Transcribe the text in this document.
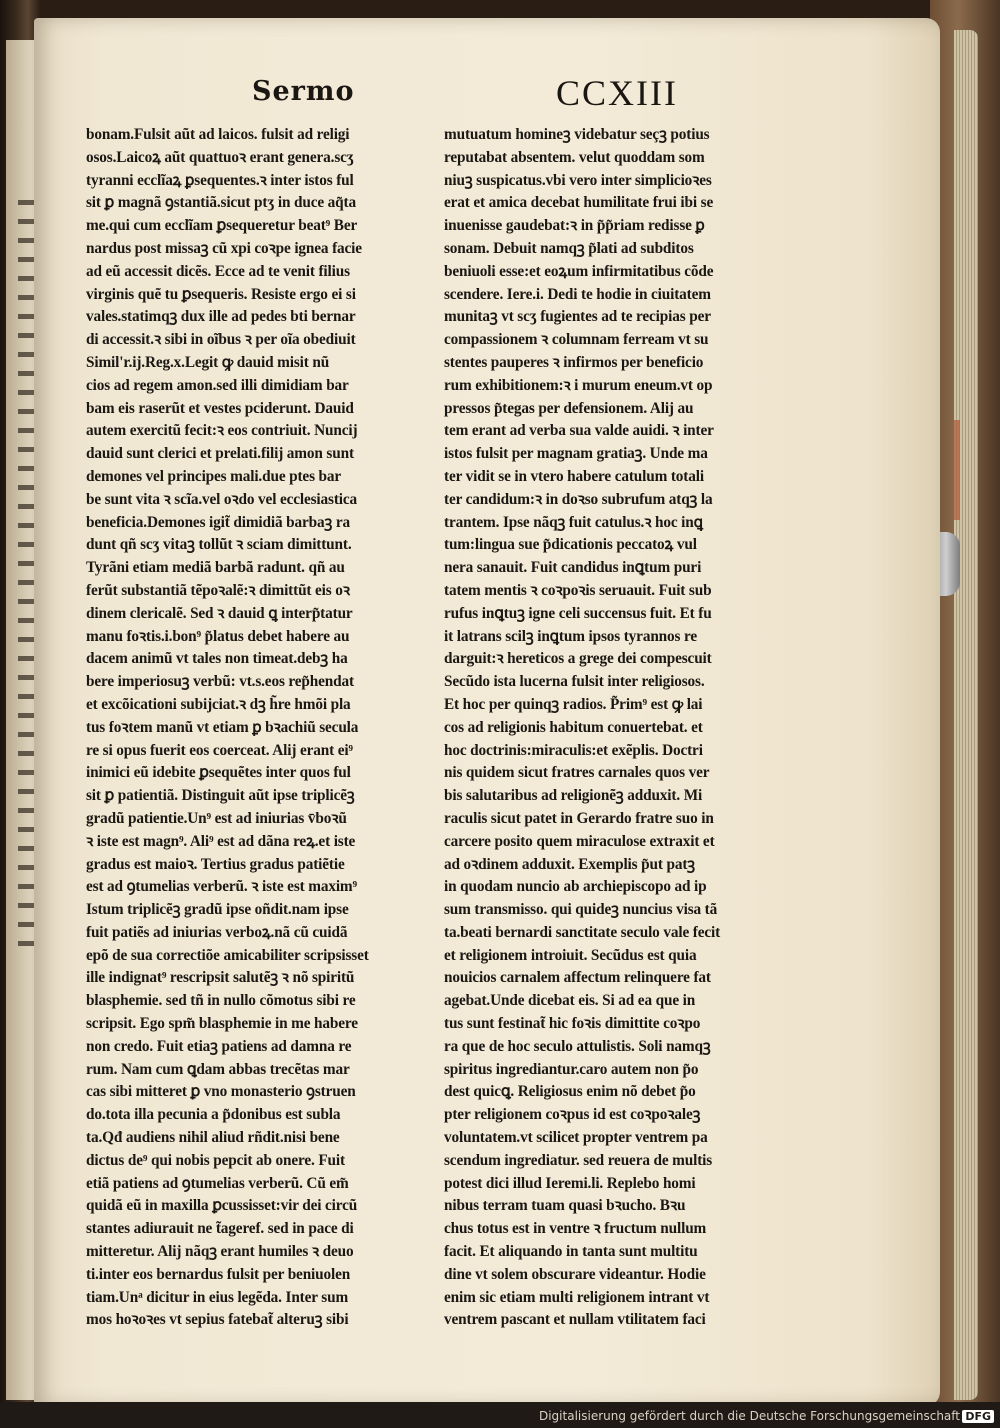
Sermo	CCXIII
bonam.Fulsit aũt ad laicos. fulsit ad religi
osos.Laicoꝝ aũt quattuoꝛ erant genera.scʒ
tyranni ecclĩaꝝ ꝑsequentes.ꝛ inter istos ful
sit ꝑ magnã ꝯstantiã.sicut ptʒ in duce aq̃ta
me.qui cum ecclĩam ꝑsequeretur beat⁹ Ber
nardus post missaꝫ cũ xpi coꝛpe ignea facie
ad eũ accessit dicẽs. Ecce ad te venit filius
virginis quẽ tu ꝑsequeris. Resiste ergo ei si
vales.statimqꝫ dux ille ad pedes bti bernar
di accessit.ꝛ sibi in oĩbus ꝛ per oĩa obediuit
Simil'r.ij.Reg.x.Legit ꝙ dauid misit nũ
cios ad regem amon.sed illi dimidiam bar
bam eis raserũt et vestes pciderunt. Dauid
autem exercitũ fecit:ꝛ eos contriuit. Nuncij
dauid sunt clerici et prelati.filij amon sunt
demones vel principes mali.due ptes bar
be sunt vita ꝛ scĩa.vel oꝛdo vel ecclesiastica
beneficia.Demones igit̃ dimidiã barbaꝫ ra
dunt qñ scʒ vitaꝫ tollũt ꝛ sciam dimittunt.
Tyrãni etiam mediã barbã radunt. qñ au
ferũt substantiã tẽpoꝛalẽ:ꝛ dimittũt eis oꝛ
dinem clericalẽ. Sed ꝛ dauid ꝗ interp̃tatur
manu foꝛtis.i.bon⁹ p̃latus debet habere au
dacem animũ vt tales non timeat.debꝫ ha
bere imperiosuꝫ verbũ: vt.s.eos rep̃hendat
et excõicationi subijciat.ꝛ dꝫ h̃re hmõi pla
tus foꝛtem manũ vt etiam ꝑ bꝛachiũ secula
re si opus fuerit eos coerceat. Alij erant ei⁹
inimici eũ idebite ꝑsequẽtes inter quos ful
sit ꝑ patientiã. Distinguit aũt ipse triplicẽꝫ
gradũ patientie.Un⁹ est ad iniurias v̄boꝛũ
ꝛ iste est magn⁹. Ali⁹ est ad dãna reꝝ.et iste
gradus est maioꝛ. Tertius gradus patiẽtie
est ad ꝯtumelias verberũ. ꝛ iste est maxim⁹
Istum triplicẽꝫ gradũ ipse oñdit.nam ipse
fuit patiẽs ad iniurias verboꝝ.nã cũ cuidã
epõ de sua correctiõe amicabiliter scripsisset
ille indignat⁹ rescripsit salutẽꝫ ꝛ nõ spiritũ
blasphemie. sed tñ in nullo cõmotus sibi re
scripsit. Ego spm̃ blasphemie in me habere
non credo. Fuit etiaꝫ patiens ad damna re
rum. Nam cum ꝗdam abbas trecẽtas mar
cas sibi mitteret ꝑ vno monasterio ꝯstruen
do.tota illa pecunia a p̃donibus est subla
ta.Qđ audiens nihil aliud rñdit.nisi bene
dictus de⁹ qui nobis pepcit ab onere. Fuit
etiã patiens ad ꝯtumelias verberũ. Cũ em̃
quidã eũ in maxilla ꝑcussisset:vir dei circũ
stantes adiurauit ne t̃ageref. sed in pace di
mitteretur. Alij nãqꝫ erant humiles ꝛ deuo
ti.inter eos bernardus fulsit per beniuolen
tiam.Unͣ dicitur in eius legẽda. Inter sum
mos hoꝛoꝛes vt sepius fatebat̃ alteruꝫ sibi
mutuatum homineꝫ videbatur seçꝫ potius
reputabat absentem. velut quoddam som
niuꝫ suspicatus.vbi vero inter simplicioꝛes
erat et amica decebat humilitate frui ibi se
inuenisse gaudebat:ꝛ in p̃p̃riam redisse ꝑ
sonam. Debuit namqꝫ p̃lati ad subditos
beniuoli esse:et eoꝝum infirmitatibus cõde
scendere. Iere.i. Dedi te hodie in ciuitatem
munitaꝫ vt scʒ fugientes ad te recipias per
compassionem ꝛ columnam ferream vt su
stentes pauperes ꝛ infirmos per beneficio
rum exhibitionem:ꝛ i murum eneum.vt op
pressos p̃tegas per defensionem. Alij au
tem erant ad verba sua valde auidi. ꝛ inter
istos fulsit per magnam gratiaꝫ. Unde ma
ter vidit se in vtero habere catulum totali
ter candidum:ꝛ in doꝛso subrufum atqꝫ la
trantem. Ipse nãqꝫ fuit catulus.ꝛ hoc inꝗ
tum:lingua sue p̃dicationis peccatoꝝ vul
nera sanauit. Fuit candidus inꝗtum puri
tatem mentis ꝛ coꝛpoꝛis seruauit. Fuit sub
rufus inꝗtuꝫ igne celi succensus fuit. Et fu
it latrans scilꝫ inꝗtum ipsos tyrannos re
darguit:ꝛ hereticos a grege dei compescuit
Secũdo ista lucerna fulsit inter religiosos.
Et hoc per quinqꝫ radios. P̃rim⁹ est ꝙ lai
cos ad religionis habitum conuertebat. et
hoc doctrinis:miraculis:et exẽplis. Doctri
nis quidem sicut fratres carnales quos ver
bis salutaribus ad religionẽꝫ adduxit. Mi
raculis sicut patet in Gerardo fratre suo in
carcere posito quem miraculose extraxit et
ad oꝛdinem adduxit. Exemplis p̃ut patꝫ
in quodam nuncio ab archiepiscopo ad ip
sum transmisso. qui quideꝫ nuncius visa tã
ta.beati bernardi sanctitate seculo vale fecit
et religionem introiuit. Secũdus est quia
nouicios carnalem affectum relinquere fat
agebat.Unde dicebat eis. Si ad ea que in
tus sunt festinat̃ hic foꝛis dimittite coꝛpo
ra que de hoc seculo attulistis. Soli namqꝫ
spiritus ingrediantur.caro autem non p̃o
dest quicꝗ. Religiosus enim nõ debet p̃o
pter religionem coꝛpus id est coꝛpoꝛaleꝫ
voluntatem.vt scilicet propter ventrem pa
scendum ingrediatur. sed reuera de multis
potest dici illud Ieremi.li. Replebo homi
nibus terram tuam quasi bꝛucho. Bꝛu
chus totus est in ventre ꝛ fructum nullum
facit. Et aliquando in tanta sunt multitu
dine vt solem obscurare videantur. Hodie
enim sic etiam multi religionem intrant vt
ventrem pascant et nullam vtilitatem faci
Digitalisierung gefördert durch die Deutsche Forschungsgemeinschaft DFG
